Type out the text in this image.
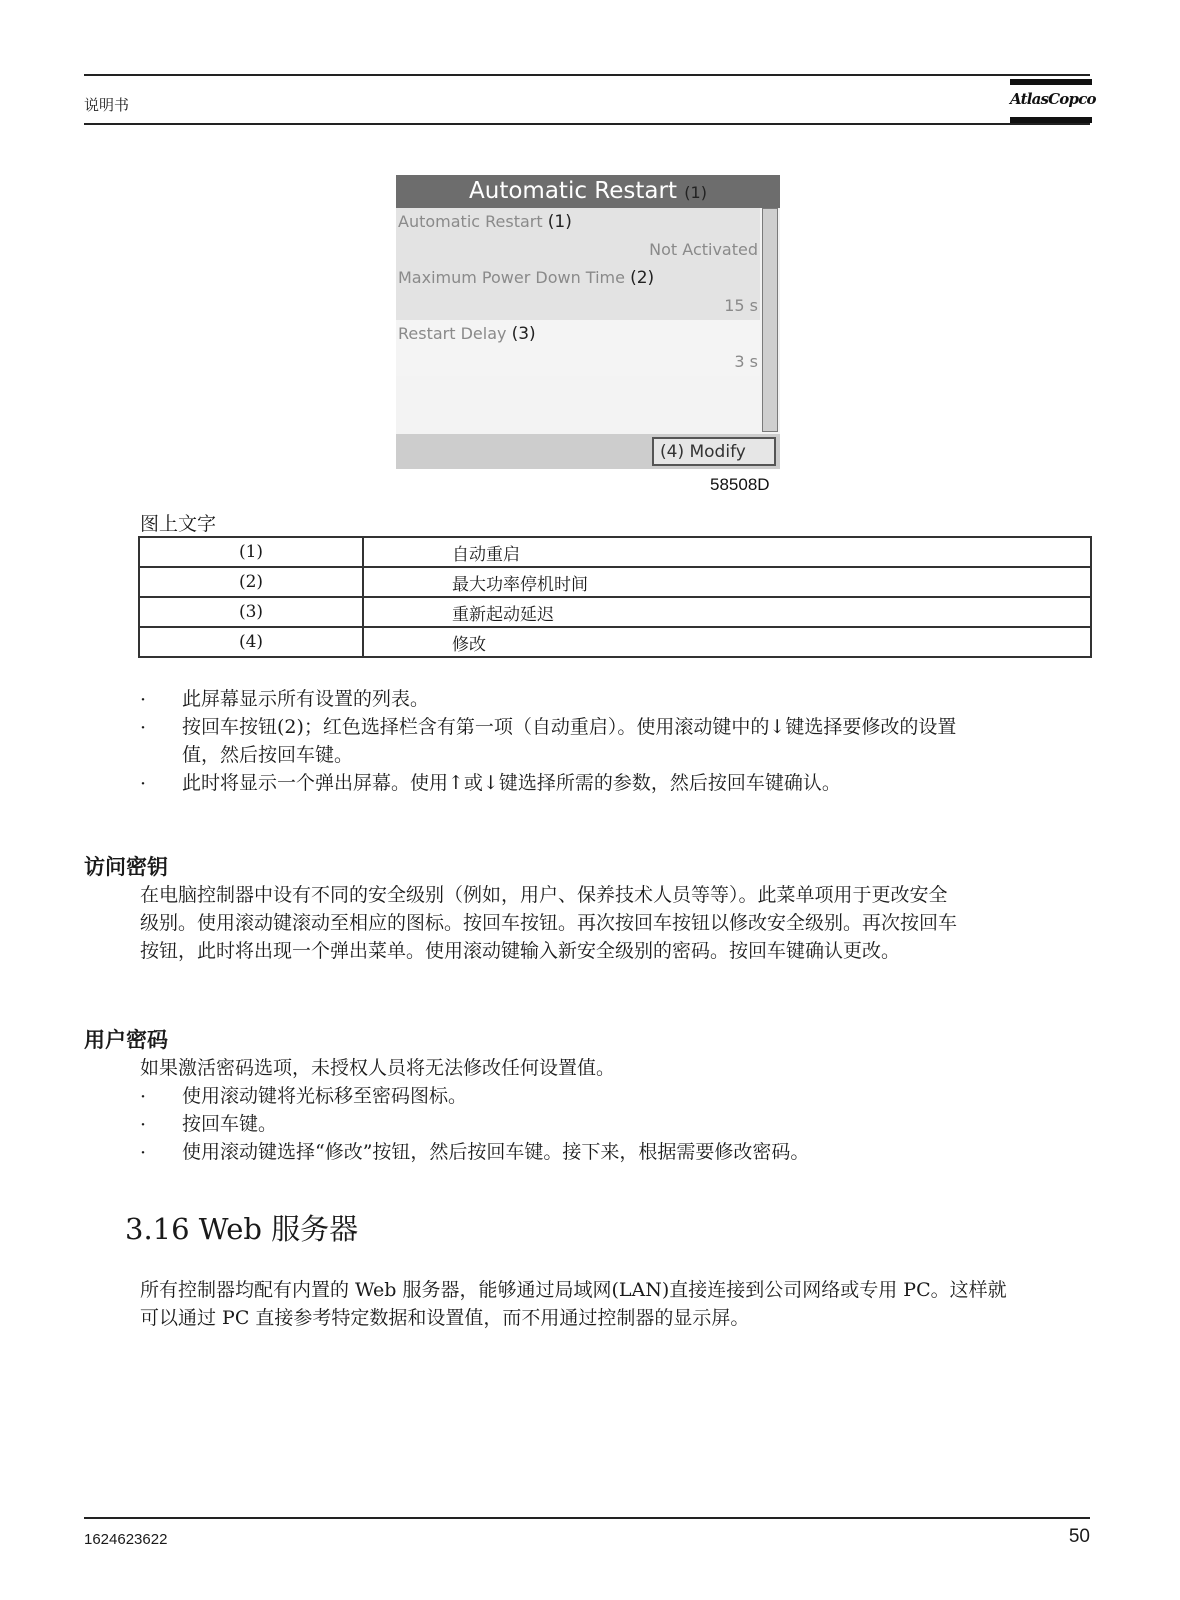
说明书	AtlasCopco
Automatic Restart (1)
Automatic Restart (1)
Not Activated
Maximum Power Down Time (2)
15 s
Restart Delay (3)
3 s
(4) Modify
58508D
图上文字
(1)	自动重启
(2)	最大功率停机时间
(3)	重新起动延迟
(4)	修改
· 此屏幕显示所有设置的列表。
· 按回车按钮(2)；红色选择栏含有第一项（自动重启）。使用滚动键中的↓键选择要修改的设置
值，然后按回车键。
· 此时将显示一个弹出屏幕。使用↑或↓键选择所需的参数，然后按回车键确认。
访问密钥
在电脑控制器中设有不同的安全级别（例如，用户、保养技术人员等等）。此菜单项用于更改安全
级别。使用滚动键滚动至相应的图标。按回车按钮。再次按回车按钮以修改安全级别。再次按回车
按钮，此时将出现一个弹出菜单。使用滚动键输入新安全级别的密码。按回车键确认更改。
用户密码
如果激活密码选项，未授权人员将无法修改任何设置值。
· 使用滚动键将光标移至密码图标。
· 按回车键。
· 使用滚动键选择“修改”按钮，然后按回车键。接下来，根据需要修改密码。
3.16 Web 服务器
所有控制器均配有内置的 Web 服务器，能够通过局域网(LAN)直接连接到公司网络或专用 PC。这样就
可以通过 PC 直接参考特定数据和设置值，而不用通过控制器的显示屏。
1624623622	50
